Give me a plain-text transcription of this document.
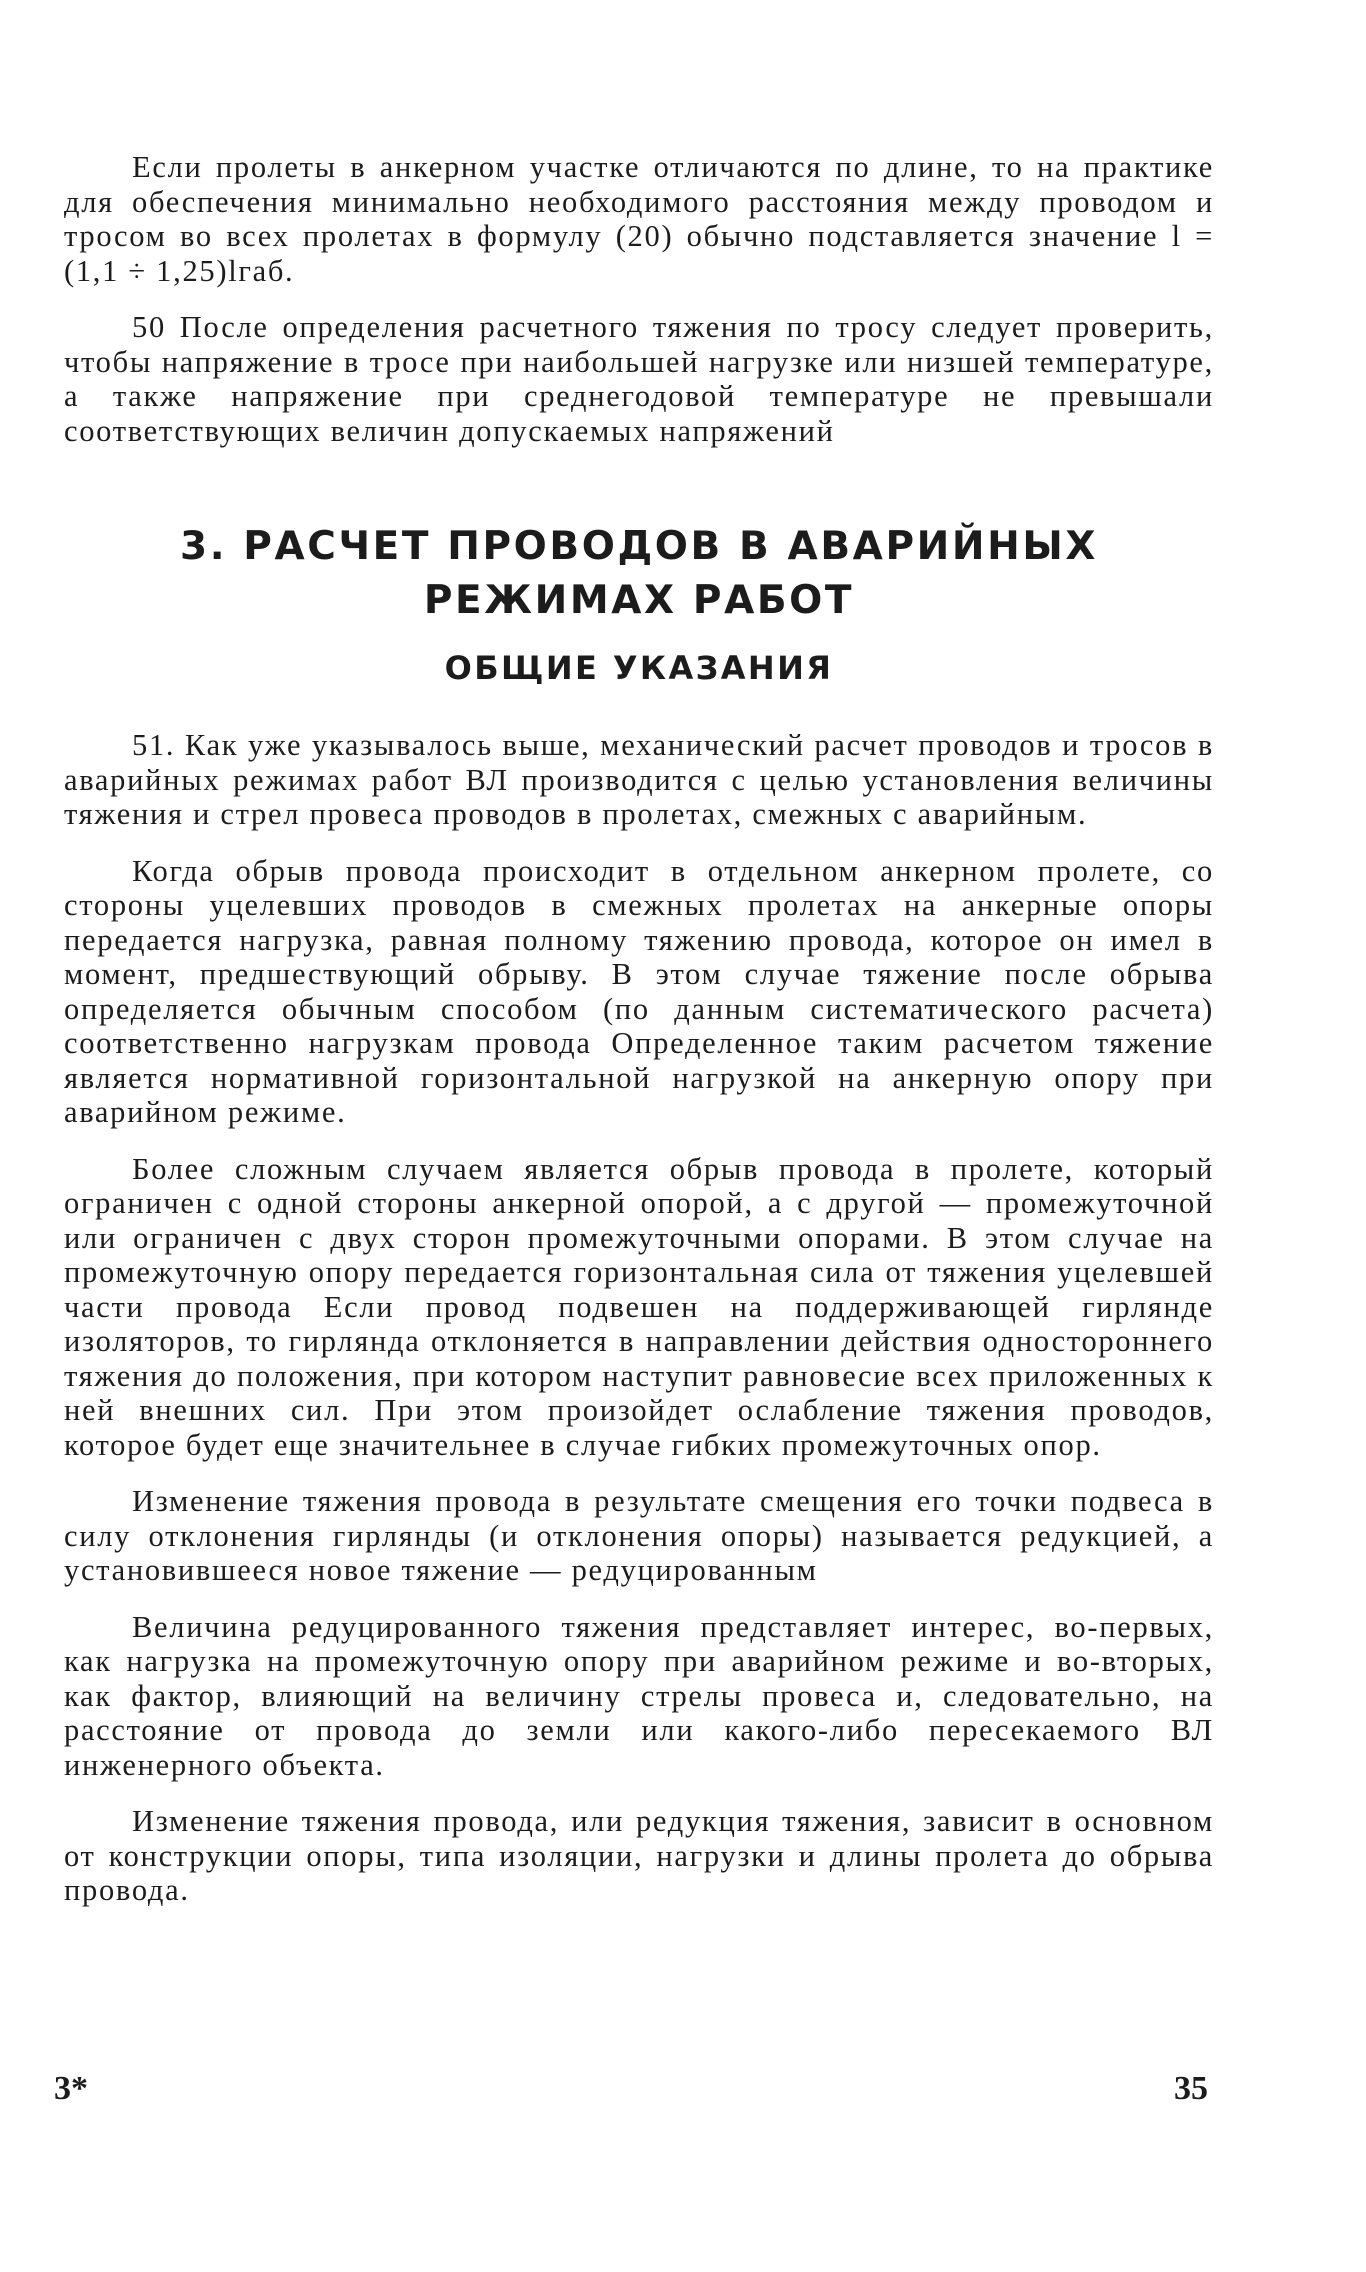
Если пролеты в анкерном участке отличаются по длине, то на практике для обеспечения минимально необходимого расстояния между проводом и тросом во всех пролетах в формулу (20) обычно подставляется значение l = (1,1 ÷ 1,25)lгаб.

50 После определения расчетного тяжения по тросу следует проверить, чтобы напряжение в тросе при наибольшей нагрузке или низшей температуре, а также напряжение при среднегодовой температуре не превышали соответствующих величин допускаемых напряжений

3. РАСЧЕТ ПРОВОДОВ В АВАРИЙНЫХ РЕЖИМАХ РАБОТ
ОБЩИЕ УКАЗАНИЯ

51. Как уже указывалось выше, механический расчет проводов и тросов в аварийных режимах работ ВЛ производится с целью установления величины тяжения и стрел провеса проводов в пролетах, смежных с аварийным.

Когда обрыв провода происходит в отдельном анкерном пролете, со стороны уцелевших проводов в смежных пролетах на анкерные опоры передается нагрузка, равная полному тяжению провода, которое он имел в момент, предшествующий обрыву. В этом случае тяжение после обрыва определяется обычным способом (по данным систематического расчета) соответственно нагрузкам провода Определенное таким расчетом тяжение является нормативной горизонтальной нагрузкой на анкерную опору при аварийном режиме.

Более сложным случаем является обрыв провода в пролете, который ограничен с одной стороны анкерной опорой, а с другой — промежуточной или ограничен с двух сторон промежуточными опорами. В этом случае на промежуточную опору передается горизонтальная сила от тяжения уцелевшей части провода Если провод подвешен на поддерживающей гирлянде изоляторов, то гирлянда отклоняется в направлении действия одностороннего тяжения до положения, при котором наступит равновесие всех приложенных к ней внешних сил. При этом произойдет ослабление тяжения проводов, которое будет еще значительнее в случае гибких промежуточных опор.

Изменение тяжения провода в результате смещения его точки подвеса в силу отклонения гирлянды (и отклонения опоры) называется редукцией, а установившееся новое тяжение — редуцированным

Величина редуцированного тяжения представляет интерес, во-первых, как нагрузка на промежуточную опору при аварийном режиме и во-вторых, как фактор, влияющий на величину стрелы провеса и, следовательно, на расстояние от провода до земли или какого-либо пересекаемого ВЛ инженерного объекта.

Изменение тяжения провода, или редукция тяжения, зависит в основном от конструкции опоры, типа изоляции, нагрузки и длины пролета до обрыва провода.

3*	35
